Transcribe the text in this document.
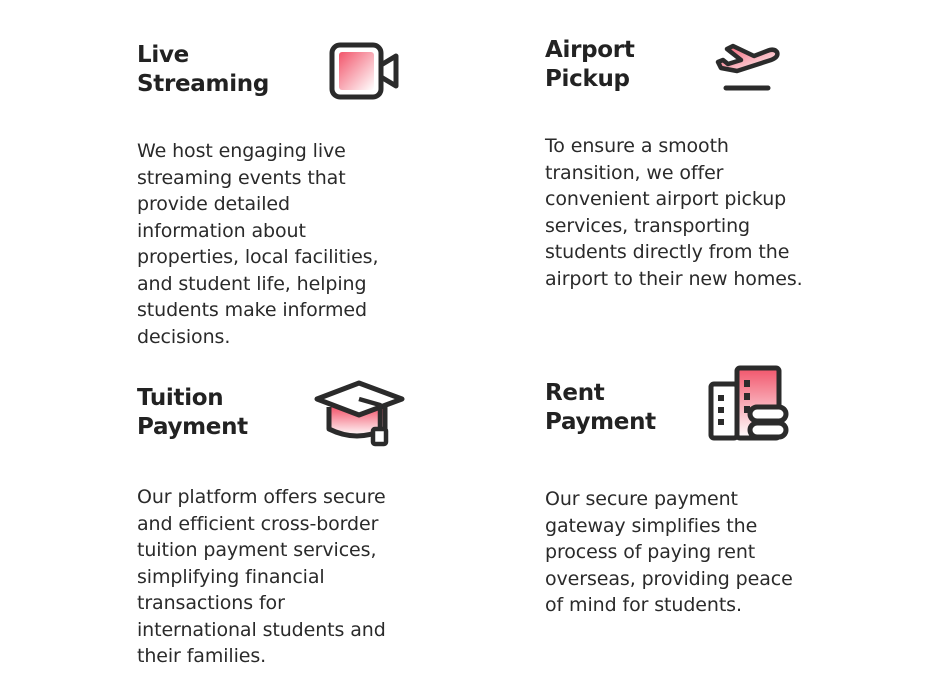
Live
Streaming
We host engaging live streaming events that provide detailed information about properties, local facilities, and student life, helping students make informed decisions.
Airport
Pickup
To ensure a smooth transition, we offer convenient airport pickup services, transporting students directly from the airport to their new homes.
Tuition
Payment
Our platform offers secure and efficient cross-border tuition payment services, simplifying financial transactions for international students and their families.
Rent
Payment
Our secure payment gateway simplifies the process of paying rent overseas, providing peace of mind for students.
